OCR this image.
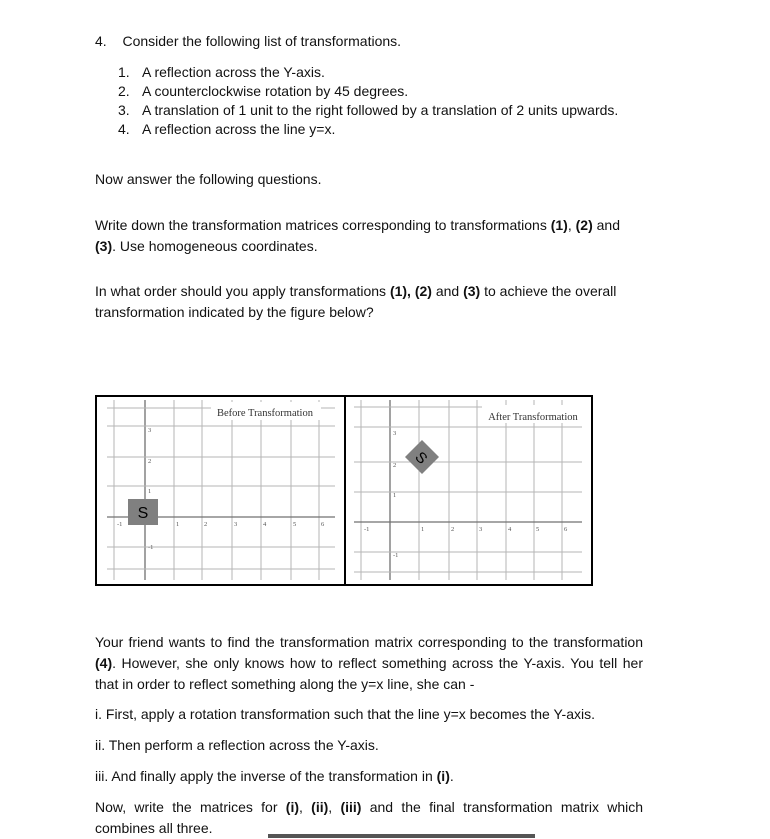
4. Consider the following list of transformations.
1. A reflection across the Y-axis.
2. A counterclockwise rotation by 45 degrees.
3. A translation of 1 unit to the right followed by a translation of 2 units upwards.
4. A reflection across the line y=x.
Now answer the following questions.
Write down the transformation matrices corresponding to transformations (1), (2) and
(3). Use homogeneous coordinates.
In what order should you apply transformations (1), (2) and (3) to achieve the overall transformation indicated by the figure below?
-1	1	2	3	4	5	6
3
2
1
-1
Before Transformation
S
-1	1	2	3	4	5	6
3
2
1
-1
After Transformation
S
Your friend wants to find the transformation matrix corresponding to the transformation (4). However, she only knows how to reflect something across the Y-axis. You tell her that in order to reflect something along the y=x line, she can -
i. First, apply a rotation transformation such that the line y=x becomes the Y-axis.
ii. Then perform a reflection across the Y-axis.
iii. And finally apply the inverse of the transformation in (i).
Now, write the matrices for (i), (ii), (iii) and the final transformation matrix which combines all three.
